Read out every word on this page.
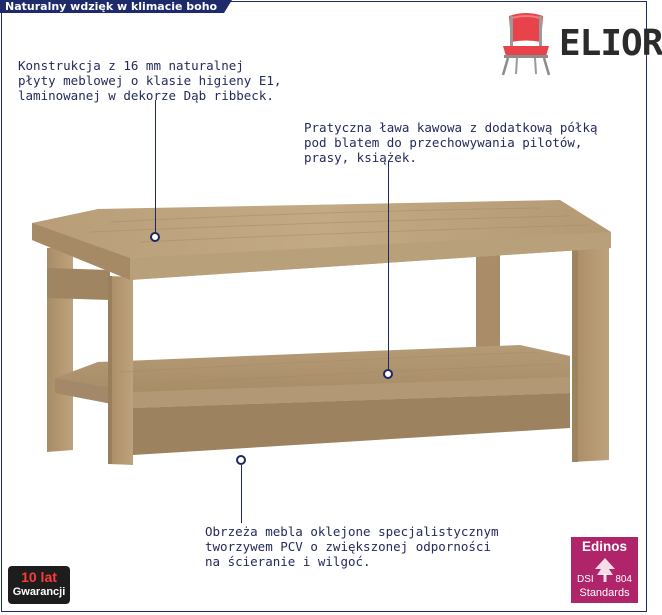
Naturalny wdzięk w klimacie boho
ELIOR
Konstrukcja z 16 mm naturalnej
płyty meblowej o klasie higieny E1,
laminowanej w dekorze Dąb ribbeck.
Pratyczna ława kawowa z dodatkową półką
pod blatem do przechowywania pilotów,
prasy, książek.
Obrzeża mebla oklejone specjalistycznym
tworzywem PCV o zwiększonej odporności
na ścieranie i wilgoć.
10 lat
Gwarancji
Edinos
DSI 804
Standards
